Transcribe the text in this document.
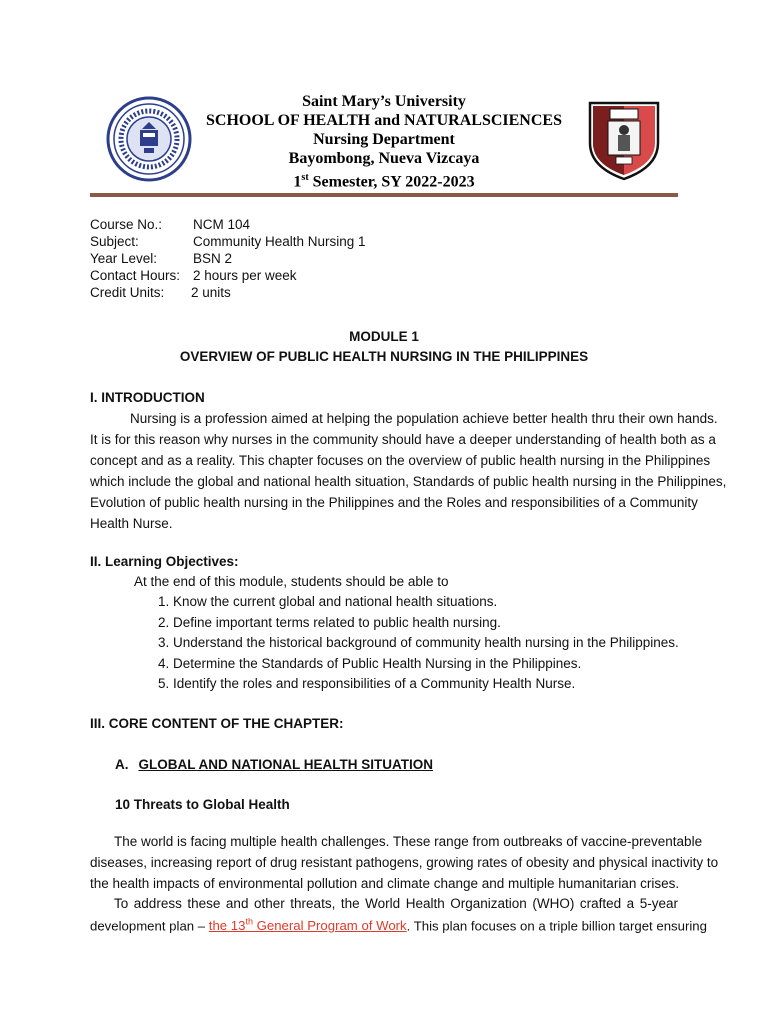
Saint Mary’s University
SCHOOL OF HEALTH and NATURALSCIENCES
Nursing Department
Bayombong, Nueva Vizcaya
1st Semester, SY 2022-2023
Course No.: NCM 104
Subject:	Community Health Nursing 1
Year Level:	BSN 2
Contact Hours: 2 hours per week
Credit Units: 2 units
MODULE 1
OVERVIEW OF PUBLIC HEALTH NURSING IN THE PHILIPPINES
I. INTRODUCTION
Nursing is a profession aimed at helping the population achieve better health thru their own hands.
It is for this reason why nurses in the community should have a deeper understanding of health both as a
concept and as a reality. This chapter focuses on the overview of public health nursing in the Philippines
which include the global and national health situation, Standards of public health nursing in the Philippines,
Evolution of public health nursing in the Philippines and the Roles and responsibilities of a Community
Health Nurse.
II. Learning Objectives:
At the end of this module, students should be able to
1. Know the current global and national health situations.
2. Define important terms related to public health nursing.
3. Understand the historical background of community health nursing in the Philippines.
4. Determine the Standards of Public Health Nursing in the Philippines.
5. Identify the roles and responsibilities of a Community Health Nurse.
III. CORE CONTENT OF THE CHAPTER:
A. GLOBAL AND NATIONAL HEALTH SITUATION
10 Threats to Global Health
The world is facing multiple health challenges. These range from outbreaks of vaccine-preventable
diseases, increasing report of drug resistant pathogens, growing rates of obesity and physical inactivity to
the health impacts of environmental pollution and climate change and multiple humanitarian crises.
To address these and other threats, the World Health Organization (WHO) crafted a 5-year
development plan – the 13th General Program of Work. This plan focuses on a triple billion target ensuring
